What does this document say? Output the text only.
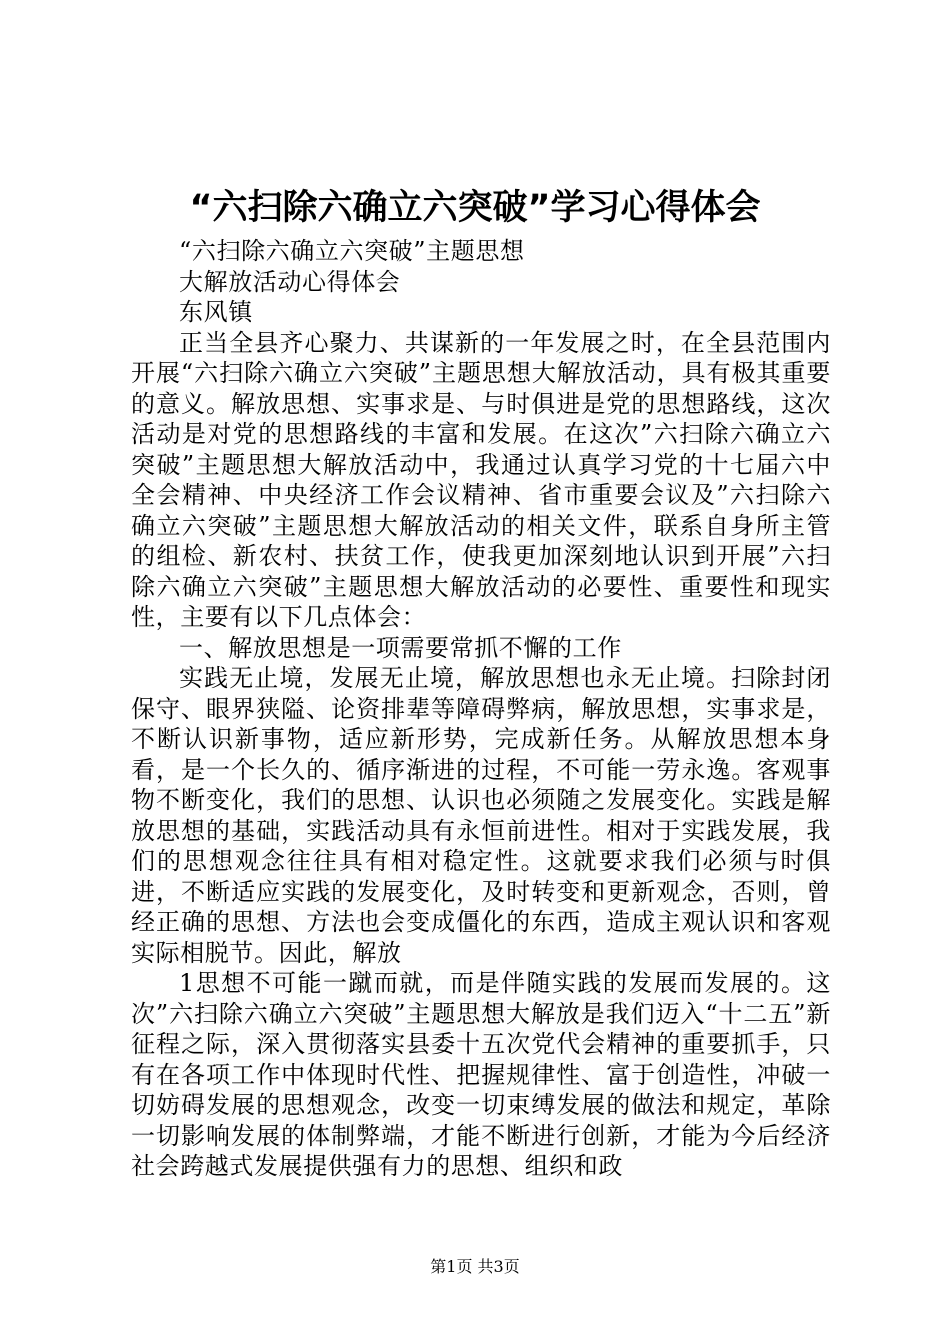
“六扫除六确立六突破”学习心得体会

“六扫除六确立六突破”主题思想

大解放活动心得体会

东风镇

正当全县齐心聚力、共谋新的一年发展之时，在全县范围内开展“六扫除六确立六突破”主题思想大解放活动，具有极其重要的意义。解放思想、实事求是、与时俱进是党的思想路线，这次活动是对党的思想路线的丰富和发展。在这次”六扫除六确立六突破”主题思想大解放活动中，我通过认真学习党的十七届六中全会精神、中央经济工作会议精神、省市重要会议及”六扫除六确立六突破”主题思想大解放活动的相关文件，联系自身所主管的组检、新农村、扶贫工作，使我更加深刻地认识到开展”六扫除六确立六突破”主题思想大解放活动的必要性、重要性和现实性，主要有以下几点体会：

一、解放思想是一项需要常抓不懈的工作

实践无止境，发展无止境，解放思想也永无止境。扫除封闭保守、眼界狭隘、论资排辈等障碍弊病，解放思想，实事求是，不断认识新事物，适应新形势，完成新任务。从解放思想本身看，是一个长久的、循序渐进的过程，不可能一劳永逸。客观事物不断变化，我们的思想、认识也必须随之发展变化。实践是解放思想的基础，实践活动具有永恒前进性。相对于实践发展，我们的思想观念往往具有相对稳定性。这就要求我们必须与时俱进，不断适应实践的发展变化，及时转变和更新观念，否则，曾经正确的思想、方法也会变成僵化的东西，造成主观认识和客观实际相脱节。因此，解放

1思想不可能一蹴而就，而是伴随实践的发展而发展的。这次”六扫除六确立六突破”主题思想大解放是我们迈入“十二五”新征程之际，深入贯彻落实县委十五次党代会精神的重要抓手，只有在各项工作中体现时代性、把握规律性、富于创造性，冲破一切妨碍发展的思想观念，改变一切束缚发展的做法和规定，革除一切影响发展的体制弊端，才能不断进行创新，才能为今后经济社会跨越式发展提供强有力的思想、组织和政

第1页 共3页
